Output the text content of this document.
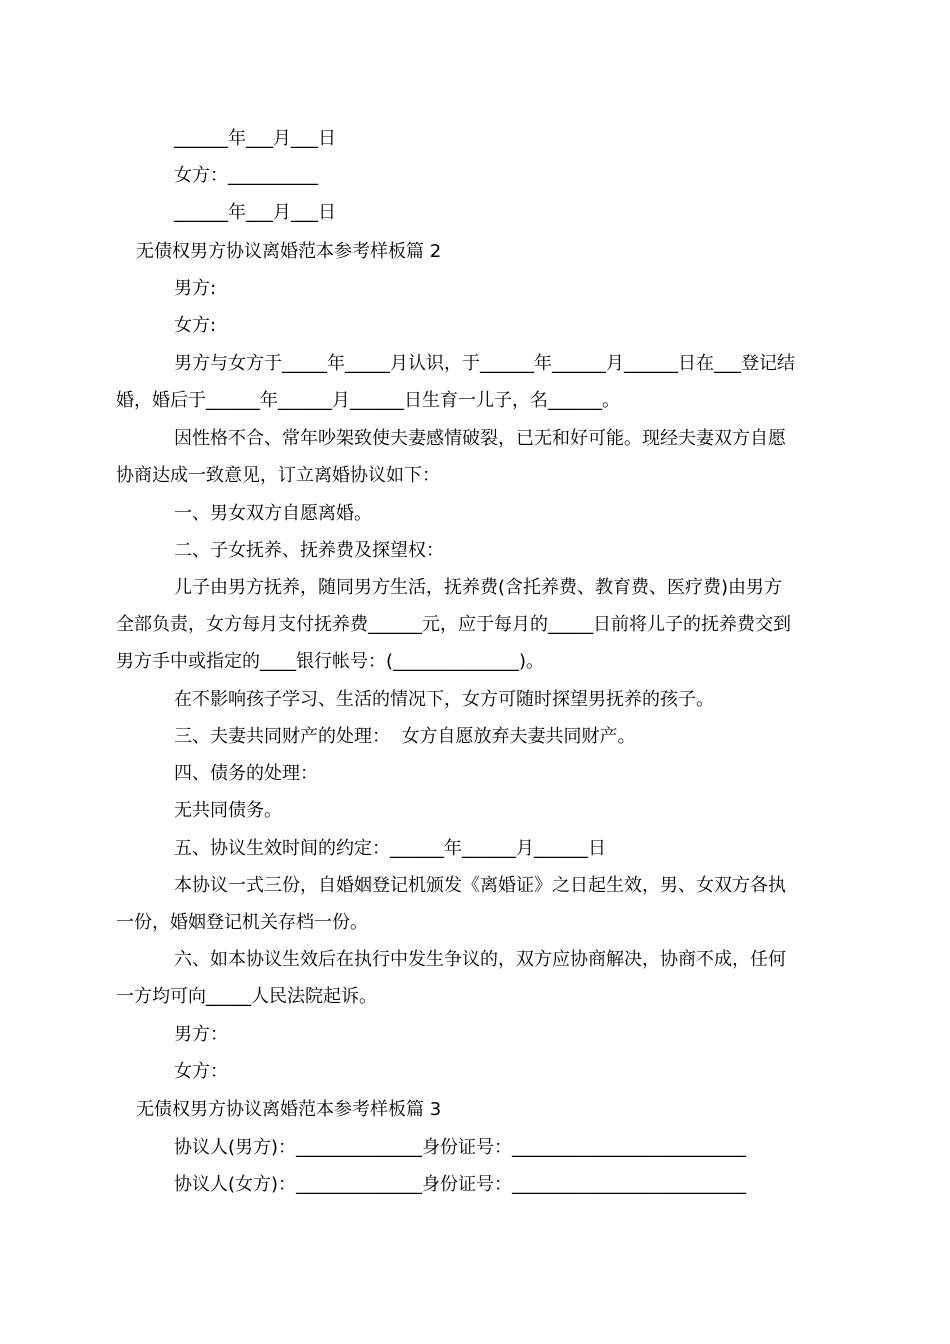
______年___月___日
女方：__________
______年___月___日
无债权男方协议离婚范本参考样板篇 2
男方:
女方:
男方与女方于_____年_____月认识，于______年______月______日在___登记结
婚，婚后于______年______月______日生育一儿子，名______。
因性格不合、常年吵架致使夫妻感情破裂，已无和好可能。现经夫妻双方自愿
协商达成一致意见，订立离婚协议如下：
一、男女双方自愿离婚。
二、子女抚养、抚养费及探望权：
儿子由男方抚养，随同男方生活，抚养费(含托养费、教育费、医疗费)由男方
全部负责，女方每月支付抚养费______元，应于每月的_____日前将儿子的抚养费交到
男方手中或指定的____银行帐号：(______________)。
在不影响孩子学习、生活的情况下，女方可随时探望男抚养的孩子。
三、夫妻共同财产的处理：  女方自愿放弃夫妻共同财产。
四、债务的处理：
无共同债务。
五、协议生效时间的约定：______年______月______日
本协议一式三份，自婚姻登记机颁发《离婚证》之日起生效，男、女双方各执
一份，婚姻登记机关存档一份。
六、如本协议生效后在执行中发生争议的，双方应协商解决，协商不成，任何
一方均可向_____人民法院起诉。
男方：
女方：
无债权男方协议离婚范本参考样板篇 3
协议人(男方)：______________身份证号：__________________________
协议人(女方)：______________身份证号：__________________________
